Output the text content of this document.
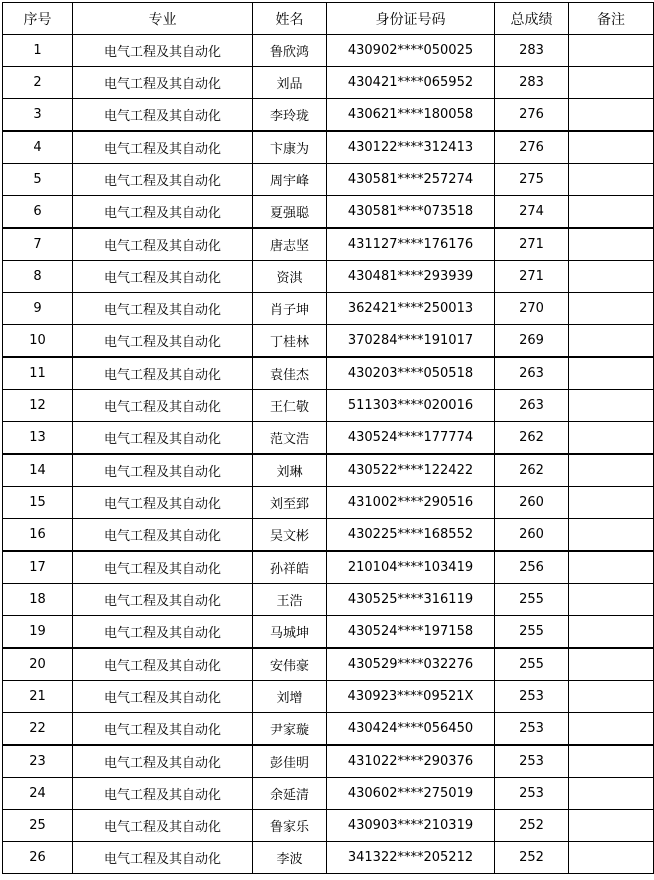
序号	专业	姓名	身份证号码	总成绩	备注
1	电气工程及其自动化	鲁欣鸿	430902****050025	283	
2	电气工程及其自动化	刘品	430421****065952	283	
3	电气工程及其自动化	李玲珑	430621****180058	276	
4	电气工程及其自动化	卞康为	430122****312413	276	
5	电气工程及其自动化	周宇峰	430581****257274	275	
6	电气工程及其自动化	夏强聪	430581****073518	274	
7	电气工程及其自动化	唐志坚	431127****176176	271	
8	电气工程及其自动化	资淇	430481****293939	271	
9	电气工程及其自动化	肖子坤	362421****250013	270	
10	电气工程及其自动化	丁桂林	370284****191017	269	
11	电气工程及其自动化	袁佳杰	430203****050518	263	
12	电气工程及其自动化	王仁敬	511303****020016	263	
13	电气工程及其自动化	范文浩	430524****177774	262	
14	电气工程及其自动化	刘琳	430522****122422	262	
15	电气工程及其自动化	刘至郅	431002****290516	260	
16	电气工程及其自动化	吴文彬	430225****168552	260	
17	电气工程及其自动化	孙祥皓	210104****103419	256	
18	电气工程及其自动化	王浩	430525****316119	255	
19	电气工程及其自动化	马城坤	430524****197158	255	
20	电气工程及其自动化	安伟豪	430529****032276	255	
21	电气工程及其自动化	刘增	430923****09521X	253	
22	电气工程及其自动化	尹家璇	430424****056450	253	
23	电气工程及其自动化	彭佳明	431022****290376	253	
24	电气工程及其自动化	余延清	430602****275019	253	
25	电气工程及其自动化	鲁家乐	430903****210319	252	
26	电气工程及其自动化	李波	341322****205212	252	
